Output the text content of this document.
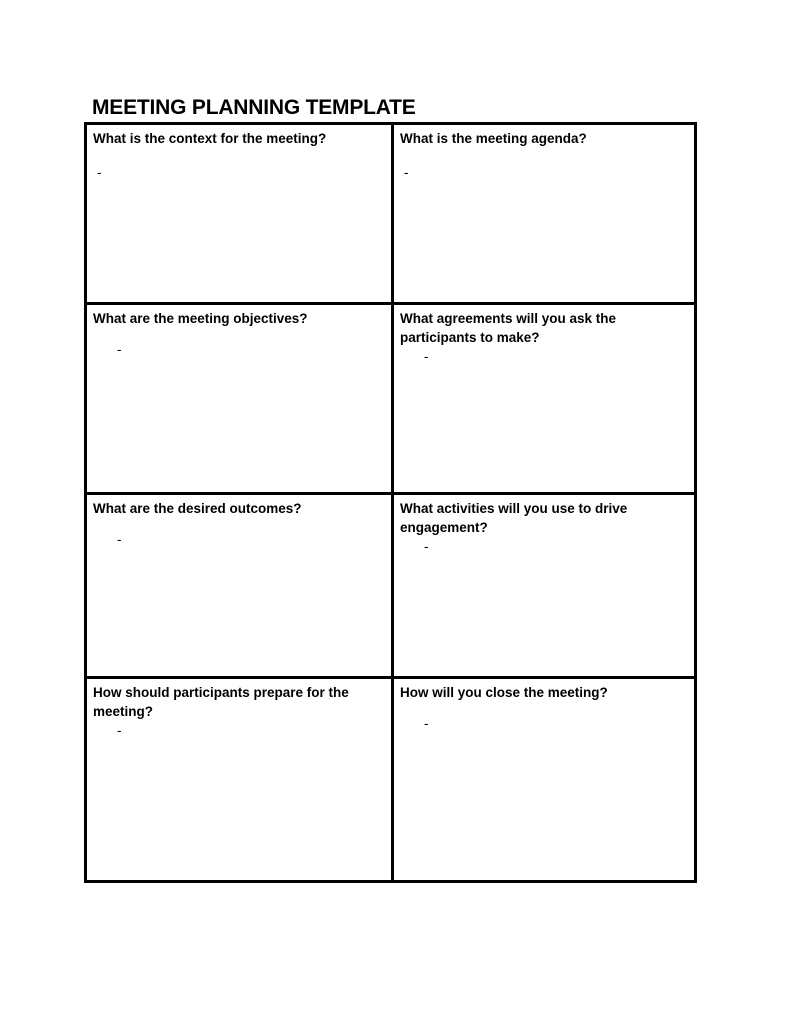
MEETING PLANNING TEMPLATE
What is the context for the meeting?
-
What is the meeting agenda?
-
What are the meeting objectives?
-
What agreements will you ask the participants to make?
-
What are the desired outcomes?
-
What activities will you use to drive engagement?
-
How should participants prepare for the meeting?
-
How will you close the meeting?
-
